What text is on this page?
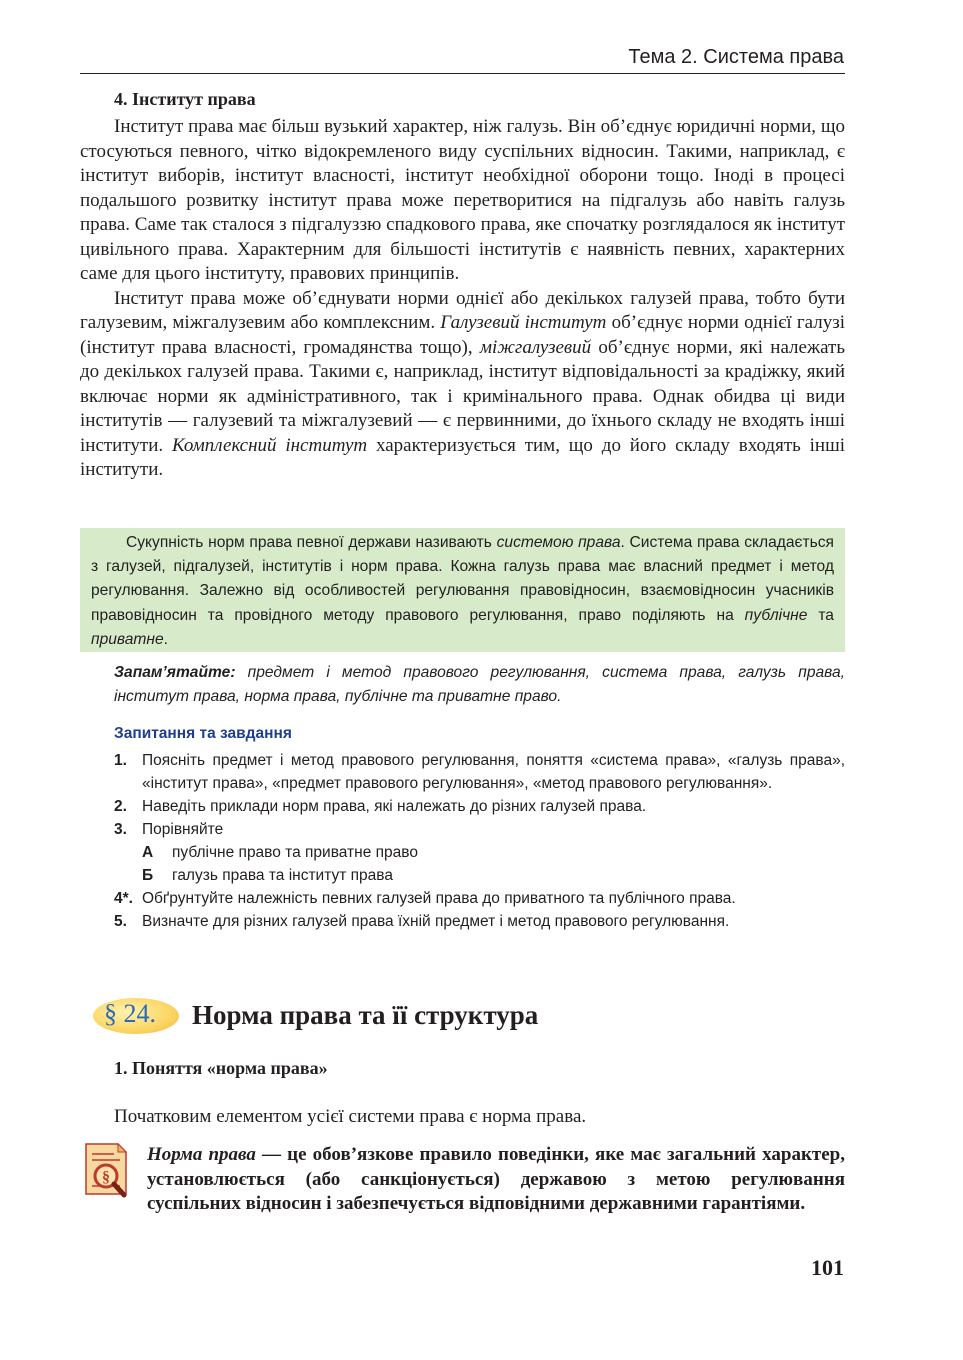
Тема 2. Система права
4. Інститут права

Інститут права має більш вузький характер, ніж галузь. Він об’єднує юридичні норми, що стосуються певного, чітко відокремленого виду суспільних відносин. Такими, наприклад, є інститут виборів, інститут власності, інститут необхідної оборони тощо. Іноді в процесі подальшого розвитку інститут права може перетворитися на підгалузь або навіть галузь права. Саме так сталося з підгалуззю спадкового права, яке спочатку розглядалося як інститут цивільного права. Характерним для більшості інститутів є наявність певних, характерних саме для цього інституту, правових принципів.

Інститут права може об’єднувати норми однієї або декількох галузей права, тобто бути галузевим, міжгалузевим або комплексним. Галузевий інститут об’єднує норми однієї галузі (інститут права власності, громадянства тощо), міжгалузевий об’єднує норми, які належать до декількох галузей права. Такими є, наприклад, інститут відповідальності за крадіжку, який включає норми як адміністративного, так і кримінального права. Однак обидва ці види інститутів — галузевий та міжгалузевий — є первинними, до їхнього складу не входять інші інститути. Комплексний інститут характеризується тим, що до його складу входять інші інститути.

Сукупність норм права певної держави називають системою права. Система права складається з галузей, підгалузей, інститутів і норм права. Кожна галузь права має власний предмет і метод регулювання. Залежно від особливостей регулювання правовідносин, взаємовідносин учасників правовідносин та провідного методу правового регулювання, право поділяють на публічне та приватне.

Запам’ятайте: предмет і метод правового регулювання, система права, галузь права, інститут права, норма права, публічне та приватне право.
Запитання та завдання
1. Поясніть предмет і метод правового регулювання, поняття «система права», «галузь права», «інститут права», «предмет правового регулювання», «метод правового регулювання».
2. Наведіть приклади норм права, які належать до різних галузей права.
3. Порівняйте
А публічне право та приватне право
Б галузь права та інститут права
4*. Обґрунтуйте належність певних галузей права до приватного та публічного права.
5. Визначте для різних галузей права їхній предмет і метод правового регулювання.
§ 24. Норма права та її структура
1. Поняття «норма права»
Початковим елементом усієї системи права є норма права.
§
Норма права — це обов’язкове правило поведінки, яке має загальний характер, установлюється (або санкціонується) державою з метою регулювання суспільних відносин і забезпечується відповідними державними гарантіями.
101
